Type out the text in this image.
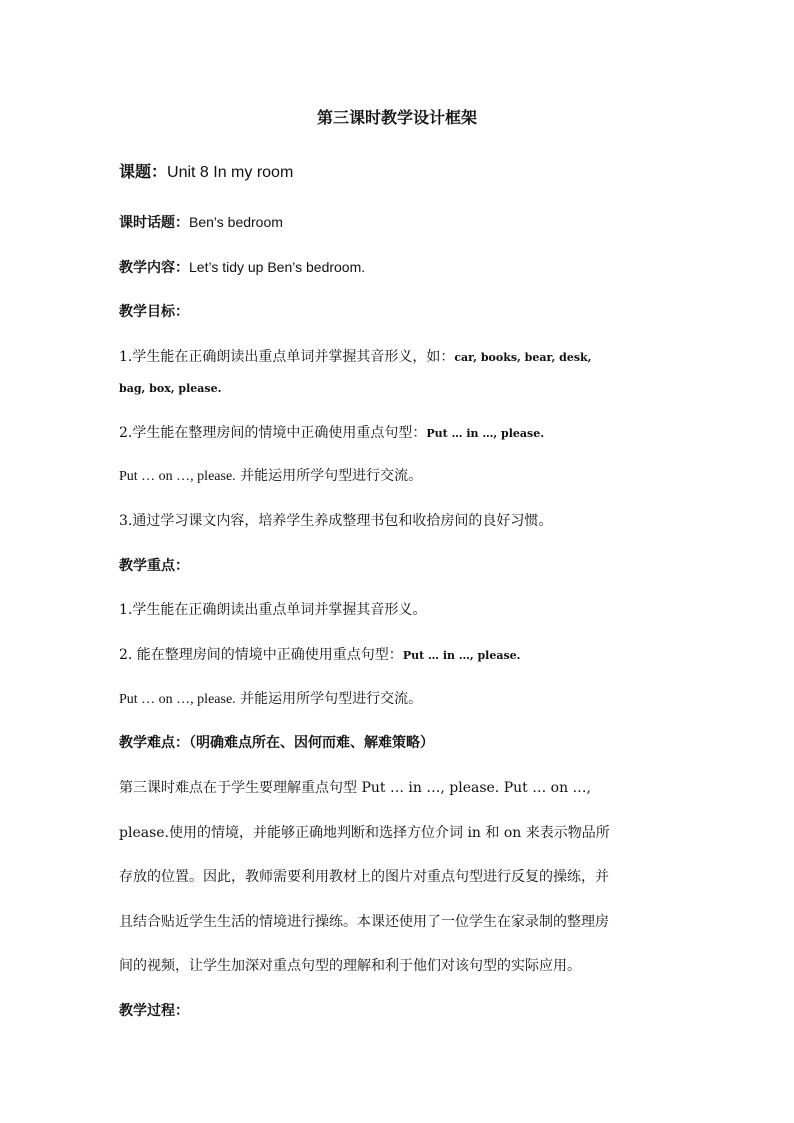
第三课时教学设计框架
课题：Unit 8 In my room
课时话题：Ben’s bedroom
教学内容：Let’s tidy up Ben’s bedroom.
教学目标：
1.学生能在正确朗读出重点单词并掌握其音形义，如：car, books, bear, desk,
bag, box, please.
2.学生能在整理房间的情境中正确使用重点句型：Put … in …, please.
Put … on …, please. 并能运用所学句型进行交流。
3.通过学习课文内容，培养学生养成整理书包和收拾房间的良好习惯。
教学重点：
1.学生能在正确朗读出重点单词并掌握其音形义。
2. 能在整理房间的情境中正确使用重点句型：Put … in …, please.
Put … on …, please. 并能运用所学句型进行交流。
教学难点：（明确难点所在、因何而难、解难策略）
第三课时难点在于学生要理解重点句型 Put … in …, please. Put … on …,
please.使用的情境，并能够正确地判断和选择方位介词 in 和 on 来表示物品所
存放的位置。因此，教师需要利用教材上的图片对重点句型进行反复的操练，并
且结合贴近学生生活的情境进行操练。本课还使用了一位学生在家录制的整理房
间的视频，让学生加深对重点句型的理解和利于他们对该句型的实际应用。
教学过程：
